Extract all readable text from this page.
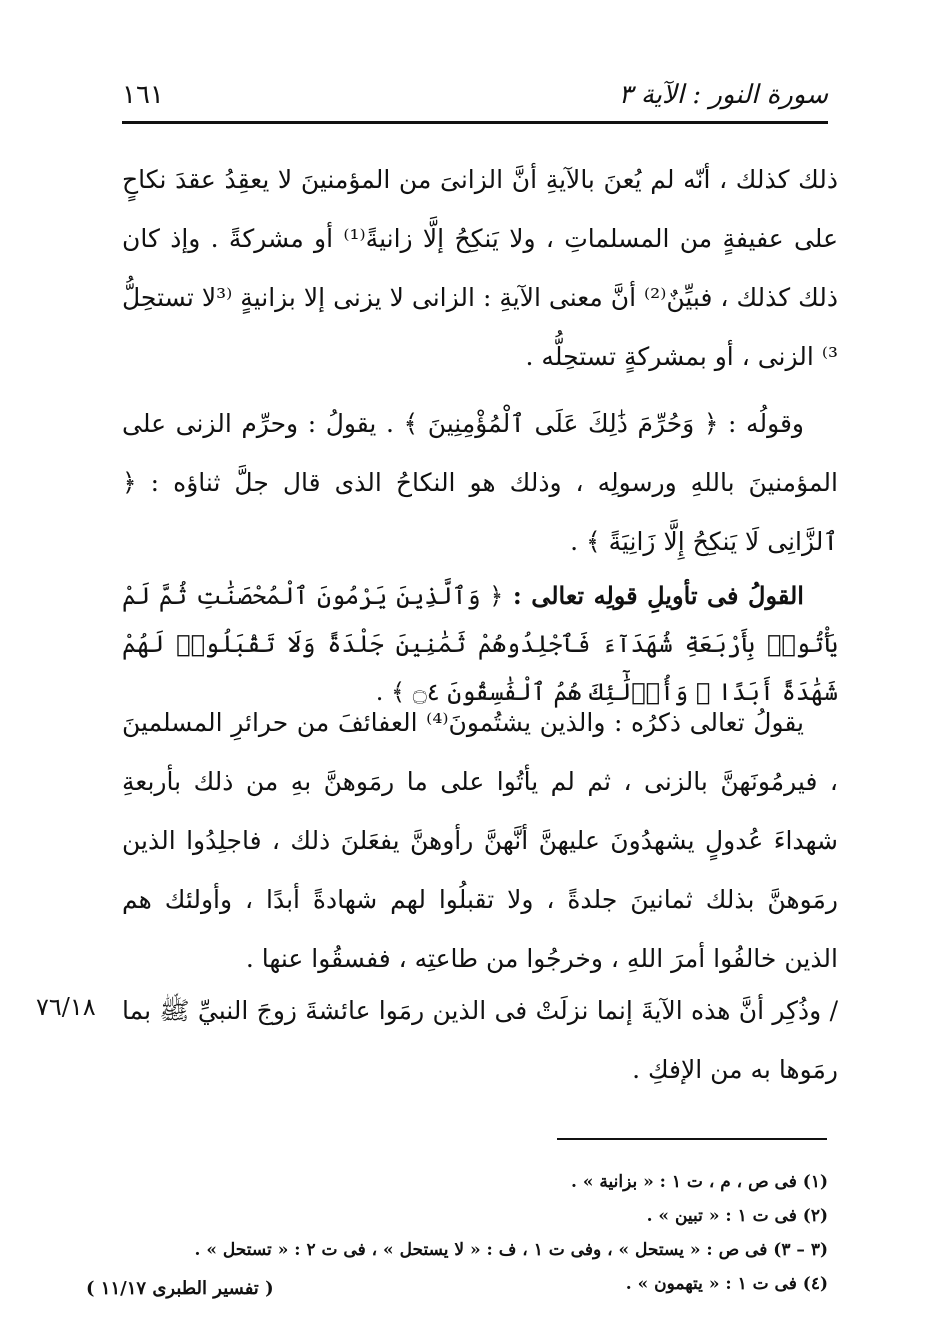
سورة النور : الآية ٣
١٦١
ذلك كذلك ، أنّه لم يُعنَ بالآيةِ أنَّ الزانىَ من المؤمنينَ لا يعقِدُ عقدَ نكاحٍ على عفيفةٍ من المسلماتِ ، ولا يَنكِحُ إلَّا زانيةً⁽¹⁾ أو مشركةً . وإذ كان ذلك كذلك ، فبيِّنٌ⁽²⁾ أنَّ معنى الآيةِ : الزانى لا يزنى إلا بزانيةٍ ⁽³لا تستحِلُّ ³⁾ الزنى ، أو بمشركةٍ تستحِلُّه .
وقولُه : ﴿ وَحُرِّمَ ذَٰلِكَ عَلَى ٱلْمُؤْمِنِينَ ﴾ . يقولُ : وحرِّم الزنى على المؤمنينَ باللهِ ورسولِه ، وذلك هو النكاحُ الذى قال جلَّ ثناؤه : ﴿ ٱلزَّانِى لَا يَنكِحُ إِلَّا زَانِيَةً ﴾ .
القولُ فى تأويلِ قولِه تعالى : ﴿ وَٱلَّذِينَ يَرْمُونَ ٱلْمُحْصَنَٰتِ ثُمَّ لَمْ يَأْتُوا۟ بِأَرْبَعَةِ شُهَدَآءَ فَٱجْلِدُوهُمْ ثَمَٰنِينَ جَلْدَةً وَلَا تَقْبَلُوا۟ لَهُمْ شَهَٰدَةً أَبَدًا ۚ وَأُو۟لَٰٓئِكَ هُمُ ٱلْفَٰسِقُونَ ۝٤ ﴾ .
يقولُ تعالى ذكرُه : والذين يشتُمونَ⁽⁴⁾ العفائفَ من حرائرِ المسلمينَ ، فيرمُونَهنَّ بالزنى ، ثم لم يأتُوا على ما رمَوهنَّ بهِ من ذلك بأربعةِ شهداءَ عُدولٍ يشهدُونَ عليهنَّ أنَّهنَّ رأوهنَّ يفعَلنَ ذلك ، فاجلِدُوا الذين رمَوهنَّ بذلك ثمانينَ جلدةً ، ولا تقبلُوا لهم شهادةً أبدًا ، وأولئك هم الذين خالفُوا أمرَ اللهِ ، وخرجُوا من طاعتِه ، ففسقُوا عنها .
/ وذُكِر أنَّ هذه الآيةَ إنما نزلَتْ فى الذين رمَوا عائشةَ زوجَ النبيِّ ﷺ بما رمَوها به من الإفكِ .
٧٦/١٨
(١) فى ص ، م ، ت ١ : « بزانية » .
(٢) فى ت ١ : « تبين » .
(٣ – ٣) فى ص : « يستحل » ، وفى ت ١ ، ف : « لا يستحل » ، فى ت ٢ : « تستحل » .
(٤) فى ت ١ : « يتهمون » .
( تفسير الطبرى ١١/١٧ )
